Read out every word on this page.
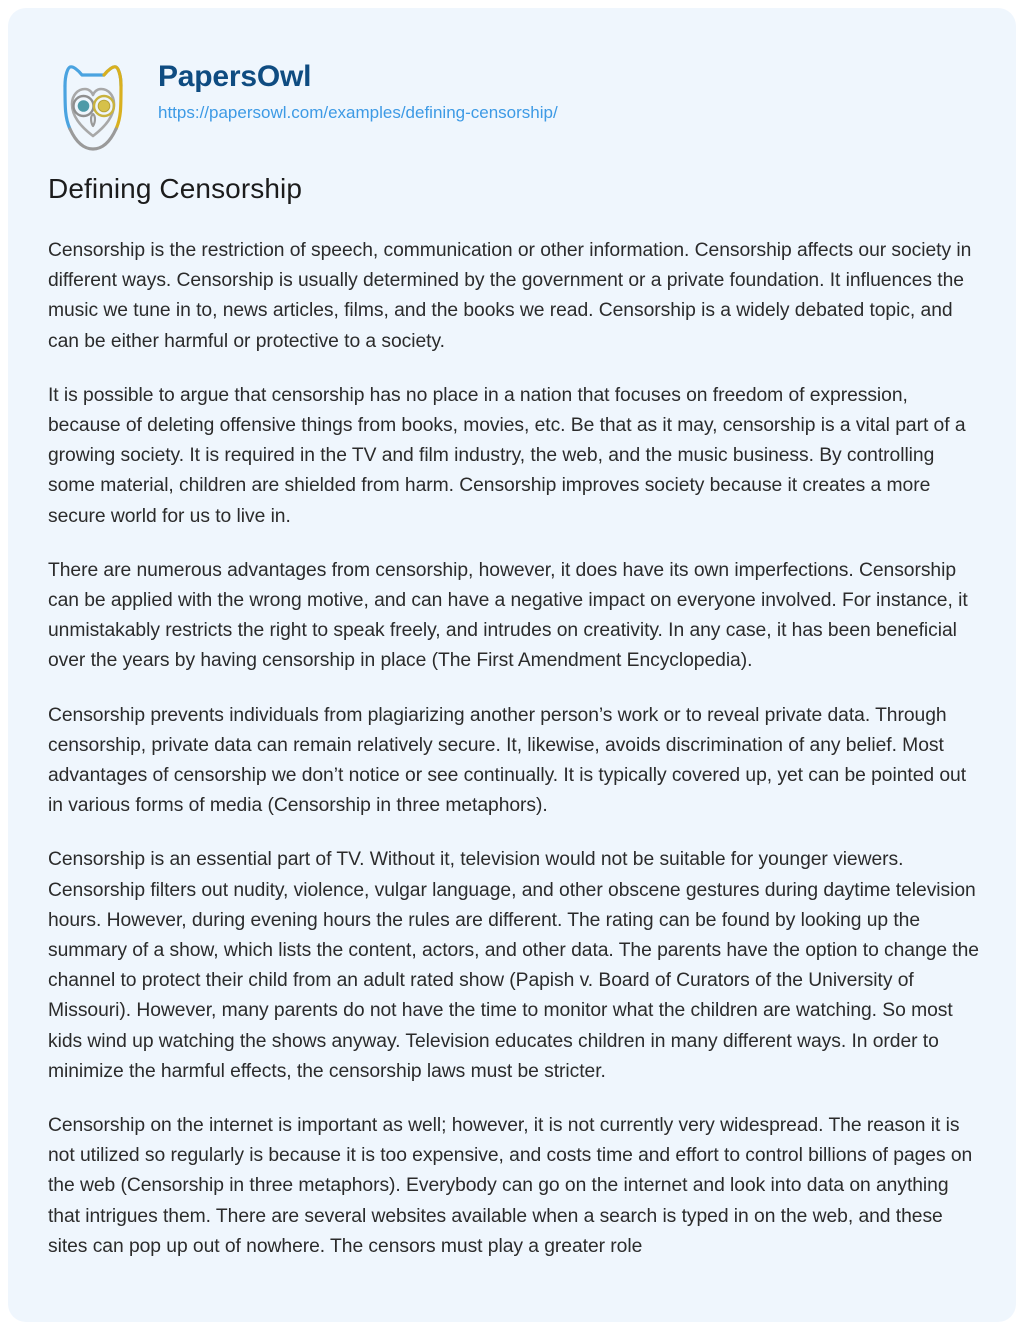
PapersOwl
https://papersowl.com/examples/defining-censorship/
Defining Censorship

Censorship is the restriction of speech, communication or other information. Censorship affects our society in different ways. Censorship is usually determined by the government or a private foundation. It influences the music we tune in to, news articles, films, and the books we read. Censorship is a widely debated topic, and can be either harmful or protective to a society.

It is possible to argue that censorship has no place in a nation that focuses on freedom of expression, because of deleting offensive things from books, movies, etc. Be that as it may, censorship is a vital part of a growing society. It is required in the TV and film industry, the web, and the music business. By controlling some material, children are shielded from harm. Censorship improves society because it creates a more secure world for us to live in.

There are numerous advantages from censorship, however, it does have its own imperfections. Censorship can be applied with the wrong motive, and can have a negative impact on everyone involved. For instance, it unmistakably restricts the right to speak freely, and intrudes on creativity. In any case, it has been beneficial over the years by having censorship in place (The First Amendment Encyclopedia).

Censorship prevents individuals from plagiarizing another person’s work or to reveal private data. Through censorship, private data can remain relatively secure. It, likewise, avoids discrimination of any belief. Most advantages of censorship we don’t notice or see continually. It is typically covered up, yet can be pointed out in various forms of media (Censorship in three metaphors).

Censorship is an essential part of TV. Without it, television would not be suitable for younger viewers. Censorship filters out nudity, violence, vulgar language, and other obscene gestures during daytime television hours. However, during evening hours the rules are different. The rating can be found by looking up the summary of a show, which lists the content, actors, and other data. The parents have the option to change the channel to protect their child from an adult rated show (Papish v. Board of Curators of the University of Missouri). However, many parents do not have the time to monitor what the children are watching. So most kids wind up watching the shows anyway. Television educates children in many different ways. In order to minimize the harmful effects, the censorship laws must be stricter.

Censorship on the internet is important as well; however, it is not currently very widespread. The reason it is not utilized so regularly is because it is too expensive, and costs time and effort to control billions of pages on the web (Censorship in three metaphors). Everybody can go on the internet and look into data on anything that intrigues them. There are several websites available when a search is typed in on the web, and these sites can pop up out of nowhere. The censors must play a greater role
